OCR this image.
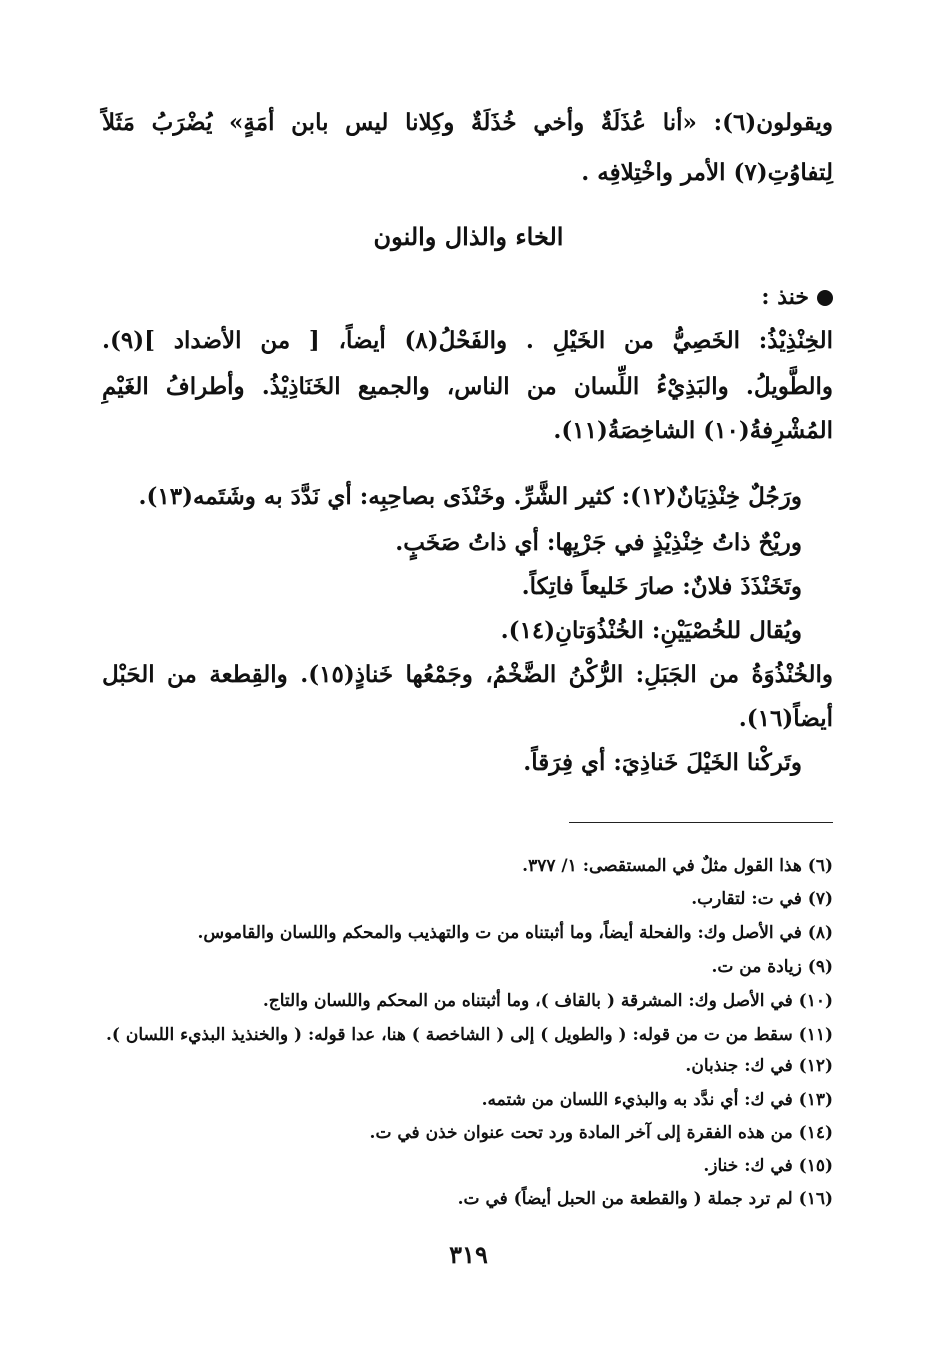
ويقولون(٦): «أنا عُذَلَةٌ وأخي خُذَلَةٌ وكِلانا ليس بابن أمَةٍ» يُضْرَبُ مَثَلاً
لِتفاوُتِ(٧) الأمر واخْتِلافِه .
الخاء والذال والنون
خنذ :
الخِنْذِيْذُ: الخَصِيُّ من الخَيْلِ . والفَحْلُ(٨) أيضاً، [ من الأضداد ](٩).
والطَّويلُ. والبَذِيْءُ اللِّسان من الناس، والجميع الخَنَاذِيْذُ. وأطرافُ الغَيْمِ
المُشْرِفةُ(١٠) الشاخِصَةُ(١١).
ورَجُلٌ خِنْذِيَانٌ(١٢): كثير الشَّرِّ. وخَنْذَى بصاحِبِه: أي نَدَّدَ به وشَتَمه(١٣).
وريْحٌ ذاتُ خِنْذِيْذٍ في جَرْيِها: أي ذاتُ صَخَبٍ.
وتَخَنْذَذَ فلانٌ: صارَ خَليعاً فاتِكاً.
ويُقال للخُصْيَيْنِ: الخُنْذُوَتانِ(١٤).
والخُنْذُوَةُ من الجَبَلِ: الرُّكْنُ الضَّخْمُ، وجَمْعُها خَناذٍ(١٥). والقِطعة من الحَبْل
أيضاً(١٦).
وتَركْنا الخَيْلَ خَناذِيَ: أي فِرَقاً.
(٦) هذا القول مثلٌ في المستقصى: ١/ ٣٧٧.
(٧) في ت: لتقارب.
(٨) في الأصل وك: والفحلة أيضاً، وما أثبتناه من ت والتهذيب والمحكم واللسان والقاموس.
(٩) زيادة من ت.
(١٠) في الأصل وك: المشرقة ( بالقاف )، وما أثبتناه من المحكم واللسان والتاج.
(١١) سقط من ت من قوله: ( والطويل ) إلى ( الشاخصة ) هنا، عدا قوله: ( والخنذيذ البذيء اللسان ).
(١٢) في ك: جنذبان.
(١٣) في ك: أي ندَّد به والبذيء اللسان من شتمه.
(١٤) من هذه الفقرة إلى آخر المادة ورد تحت عنوان خذن في ت.
(١٥) في ك: خناز.
(١٦) لم ترد جملة ( والقطعة من الحبل أيضاً) في ت.
٣١٩
